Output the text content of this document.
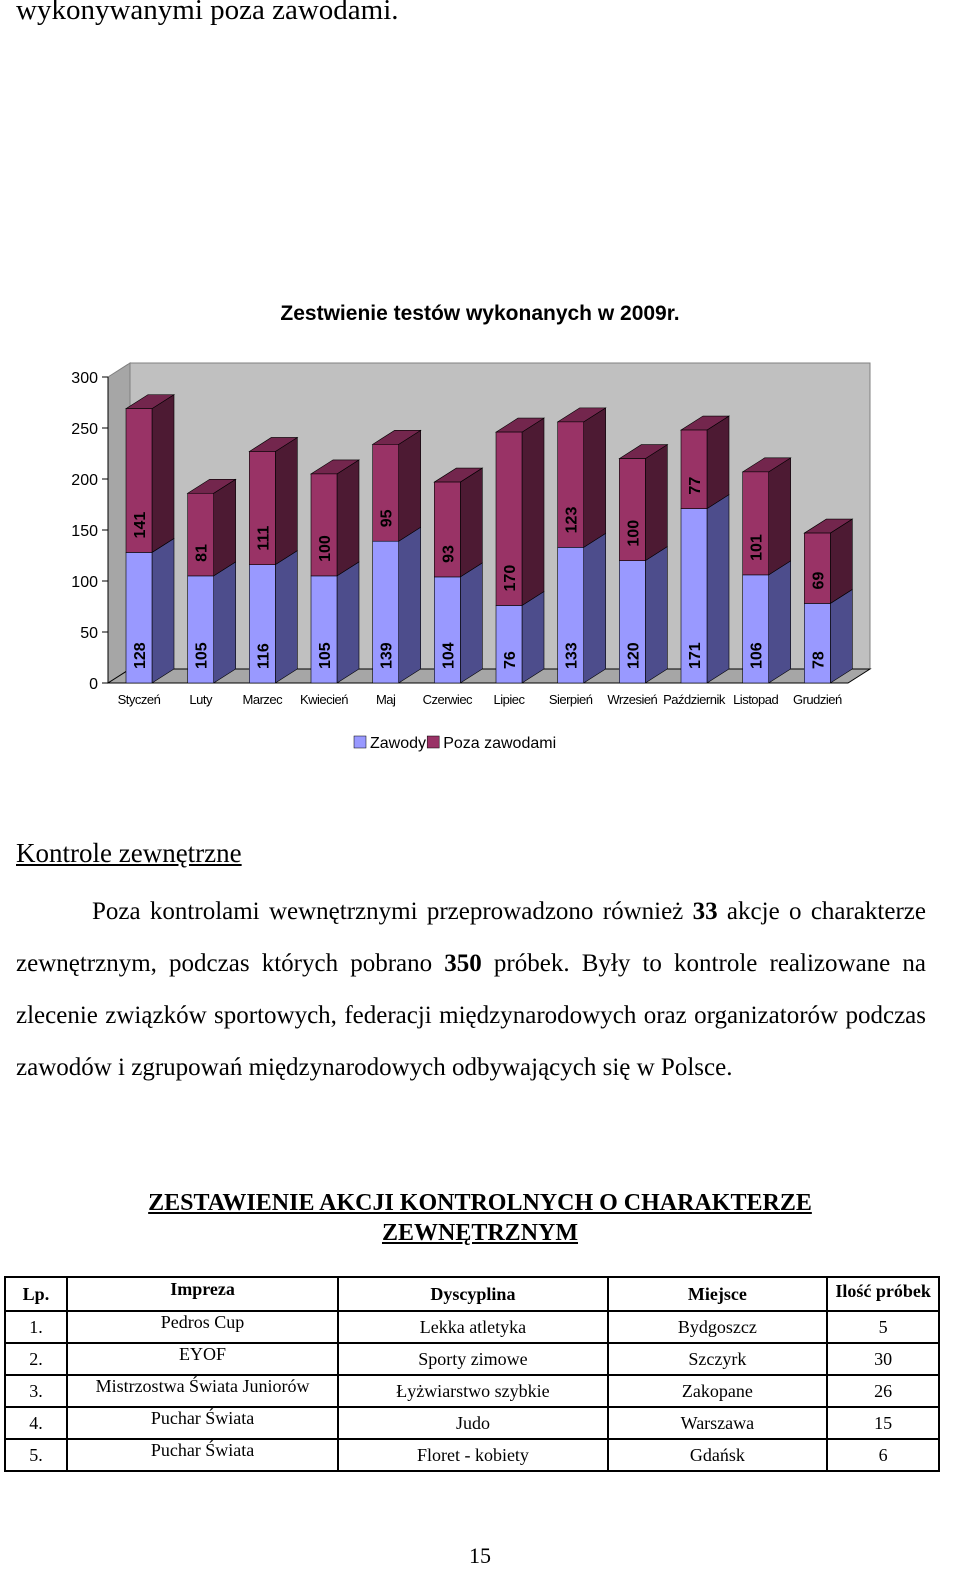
wykonywanymi poza zawodami.
Zestwienie testów wykonanych w 2009r.
0
50
100
150
200
250
300
128
141
105
81
116
111
105
100
139
95
104
93
76
170
133
123
120
100
171
77
106
101
78
69
Styczeń Luty Marzec Kwiecień Maj Czerwiec Lipiec Sierpień Wrzesień Październik Listopad Grudzień
Zawody Poza zawodami
Kontrole zewnętrzne

Poza kontrolami wewnętrznymi przeprowadzono również 33 akcje o charakterze zewnętrznym, podczas których pobrano 350 próbek. Były to kontrole realizowane na zlecenie związków sportowych, federacji międzynarodowych oraz organizatorów podczas zawodów i zgrupowań międzynarodowych odbywających się w Polsce.

ZESTAWIENIE AKCJI KONTROLNYCH O CHARAKTERZE
ZEWNĘTRZNYM
Lp.	Impreza	Dyscyplina	Miejsce	Ilość próbek

1.	Pedros Cup	Lekka atletyka	Bydgoszcz	5
2.	EYOF	Sporty zimowe	Szczyrk	30
3.	Mistrzostwa Świata Juniorów	Łyżwiarstwo szybkie	Zakopane	26
4.	Puchar Świata	Judo	Warszawa	15
5.	Puchar Świata	Floret - kobiety	Gdańsk	6
15
